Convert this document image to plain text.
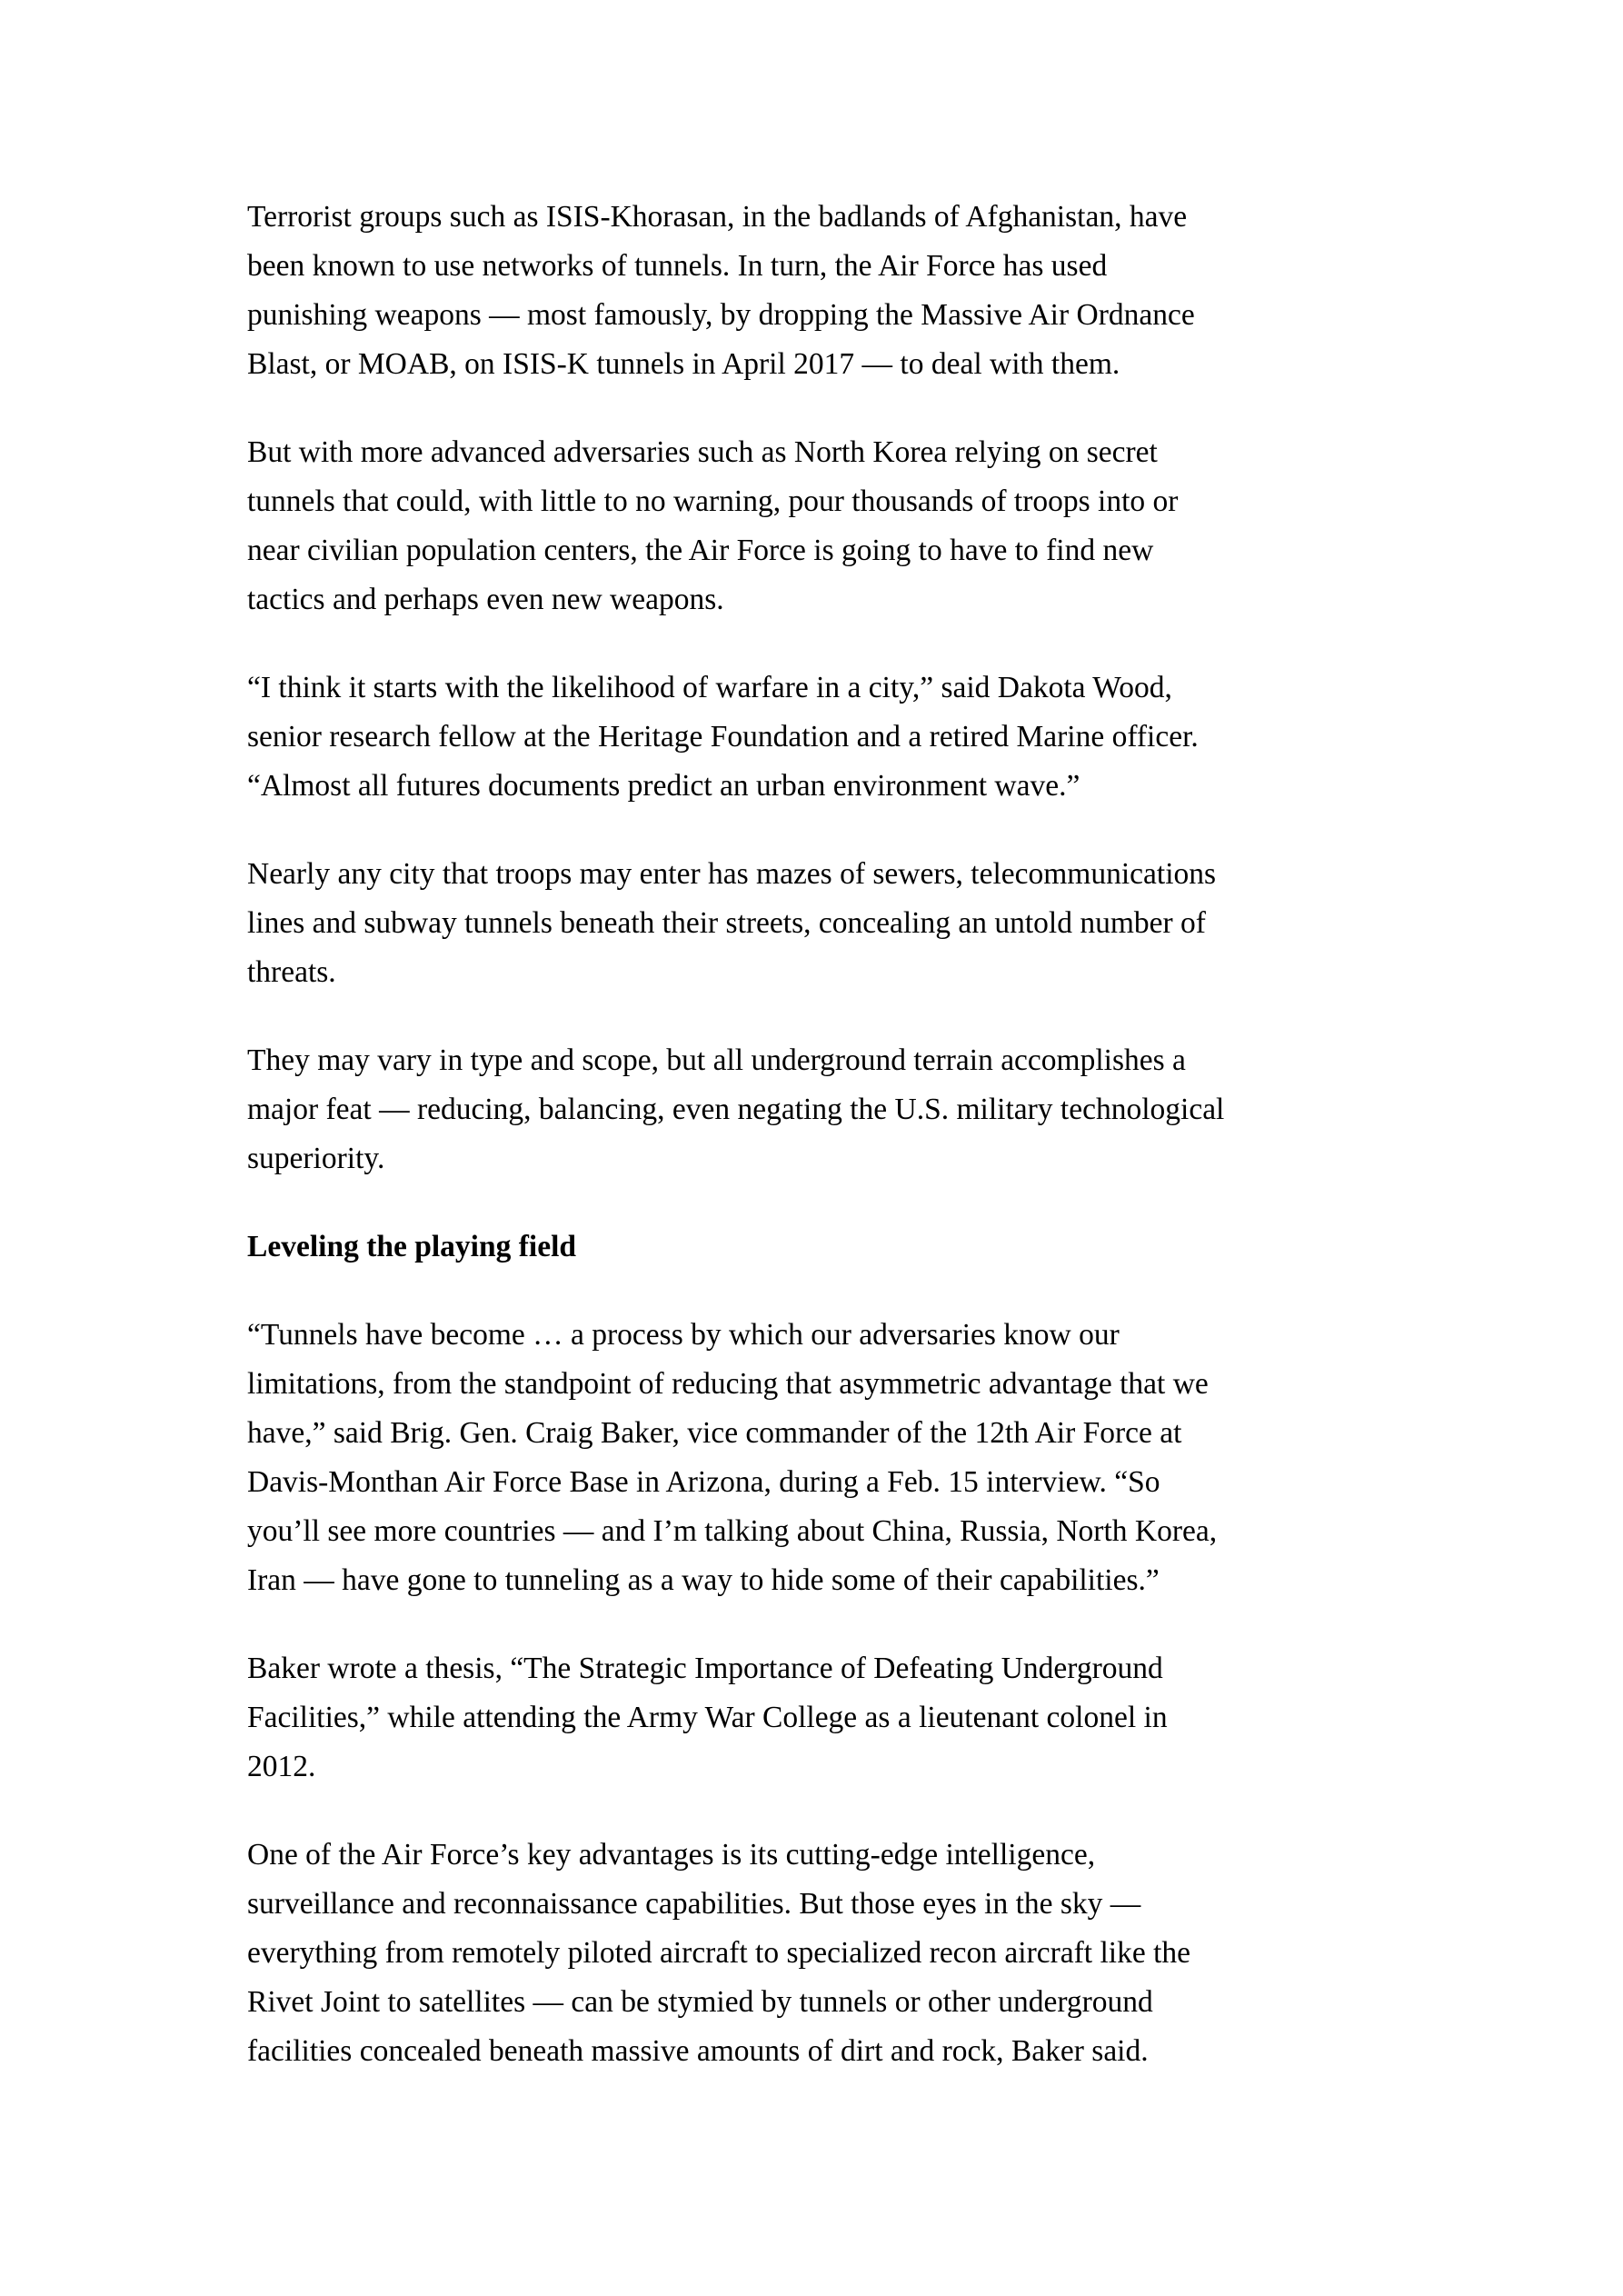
Terrorist groups such as ISIS-Khorasan, in the badlands of Afghanistan, have
been known to use networks of tunnels. In turn, the Air Force has used
punishing weapons — most famously, by dropping the Massive Air Ordnance
Blast, or MOAB, on ISIS-K tunnels in April 2017 — to deal with them.

But with more advanced adversaries such as North Korea relying on secret
tunnels that could, with little to no warning, pour thousands of troops into or
near civilian population centers, the Air Force is going to have to find new
tactics and perhaps even new weapons.

“I think it starts with the likelihood of warfare in a city,” said Dakota Wood,
senior research fellow at the Heritage Foundation and a retired Marine officer.
“Almost all futures documents predict an urban environment wave.”

Nearly any city that troops may enter has mazes of sewers, telecommunications
lines and subway tunnels beneath their streets, concealing an untold number of
threats.

They may vary in type and scope, but all underground terrain accomplishes a
major feat — reducing, balancing, even negating the U.S. military technological
superiority.

Leveling the playing field

“Tunnels have become … a process by which our adversaries know our
limitations, from the standpoint of reducing that asymmetric advantage that we
have,” said Brig. Gen. Craig Baker, vice commander of the 12th Air Force at
Davis-Monthan Air Force Base in Arizona, during a Feb. 15 interview. “So
you’ll see more countries — and I’m talking about China, Russia, North Korea,
Iran — have gone to tunneling as a way to hide some of their capabilities.”

Baker wrote a thesis, “The Strategic Importance of Defeating Underground
Facilities,” while attending the Army War College as a lieutenant colonel in
2012.

One of the Air Force’s key advantages is its cutting-edge intelligence,
surveillance and reconnaissance capabilities. But those eyes in the sky —
everything from remotely piloted aircraft to specialized recon aircraft like the
Rivet Joint to satellites — can be stymied by tunnels or other underground
facilities concealed beneath massive amounts of dirt and rock, Baker said.
